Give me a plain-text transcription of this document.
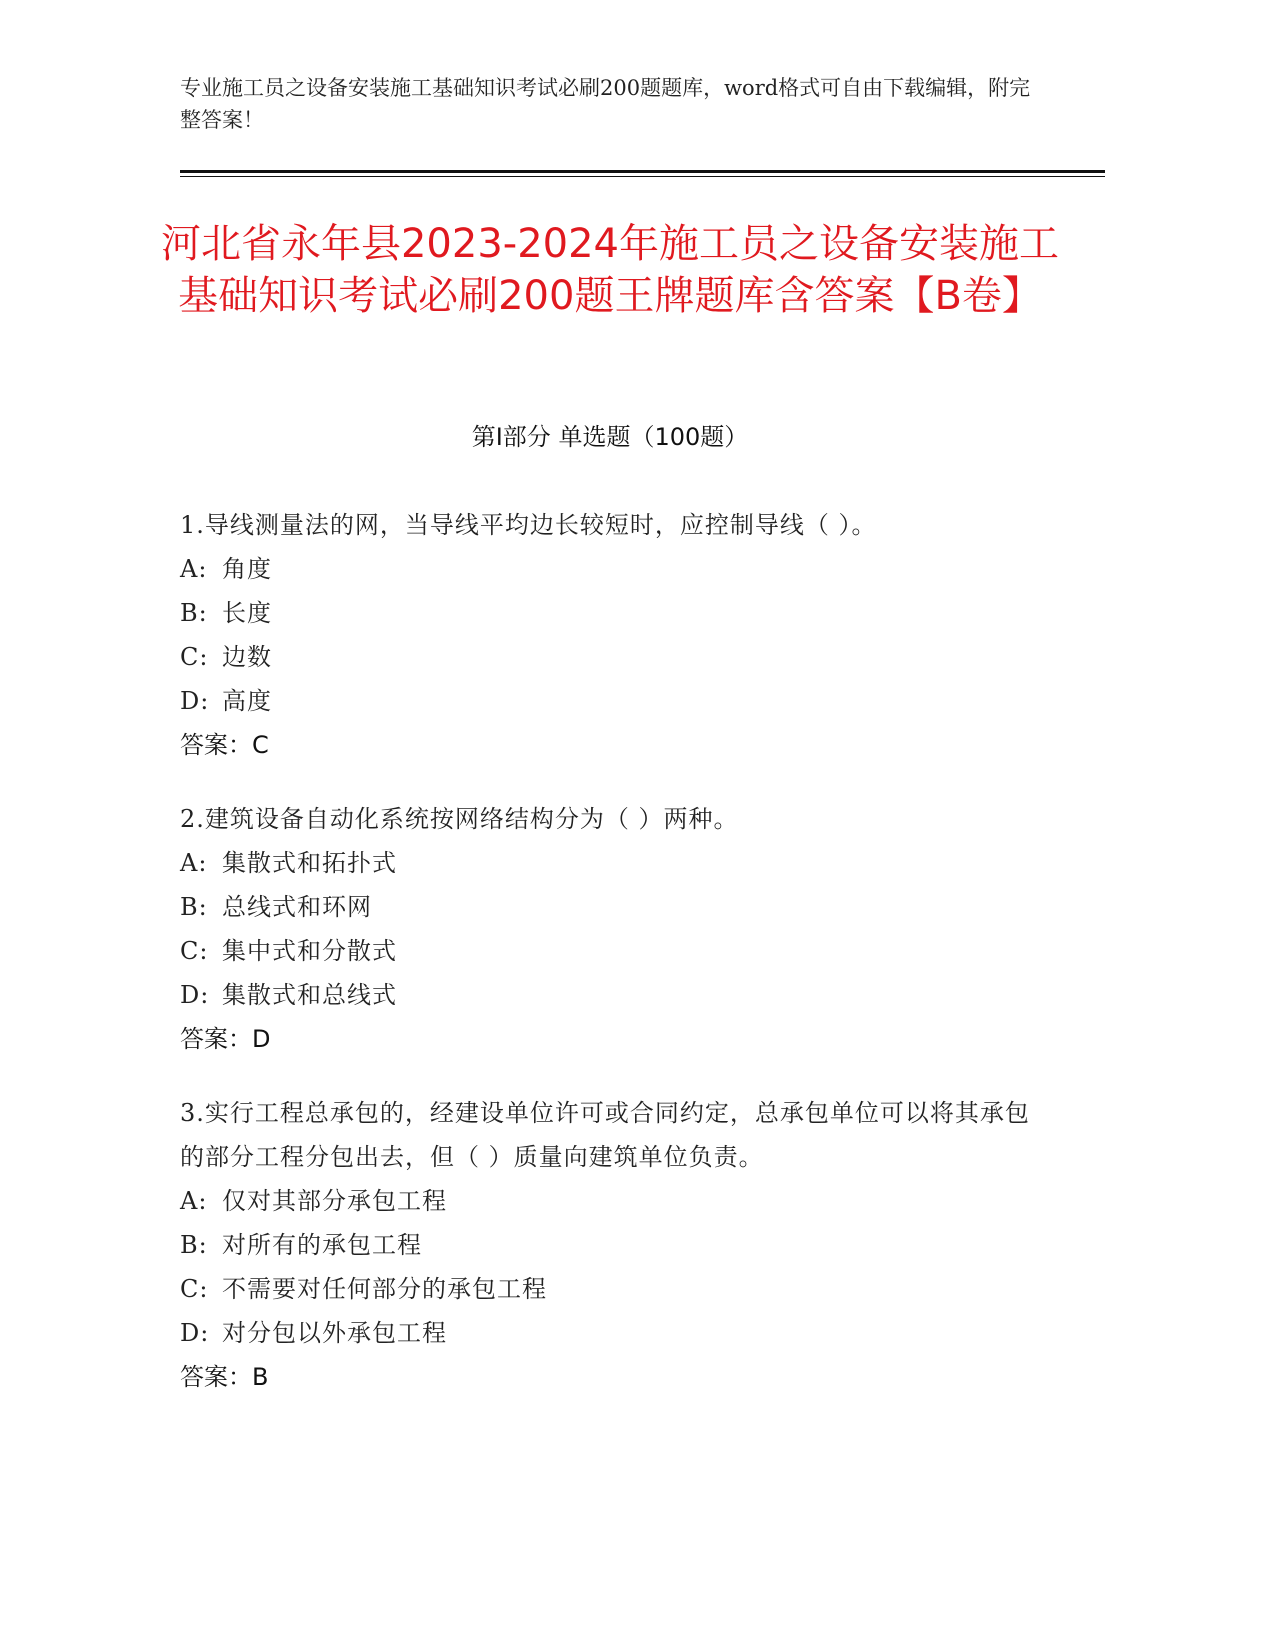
专业施工员之设备安装施工基础知识考试必刷200题题库，word格式可自由下载编辑，附完整答案！
河北省永年县2023-2024年施工员之设备安装施工基础知识考试必刷200题王牌题库含答案【B卷】
第Ⅰ部分 单选题（100题）
1.导线测量法的网，当导线平均边长较短时，应控制导线（ ）。
A: 角度
B: 长度
C: 边数
D: 高度
答案：C
2.建筑设备自动化系统按网络结构分为（ ）两种。
A: 集散式和拓扑式
B: 总线式和环网
C: 集中式和分散式
D: 集散式和总线式
答案：D
3.实行工程总承包的，经建设单位许可或合同约定，总承包单位可以将其承包的部分工程分包出去，但（ ）质量向建筑单位负责。
A: 仅对其部分承包工程
B: 对所有的承包工程
C: 不需要对任何部分的承包工程
D: 对分包以外承包工程
答案：B
